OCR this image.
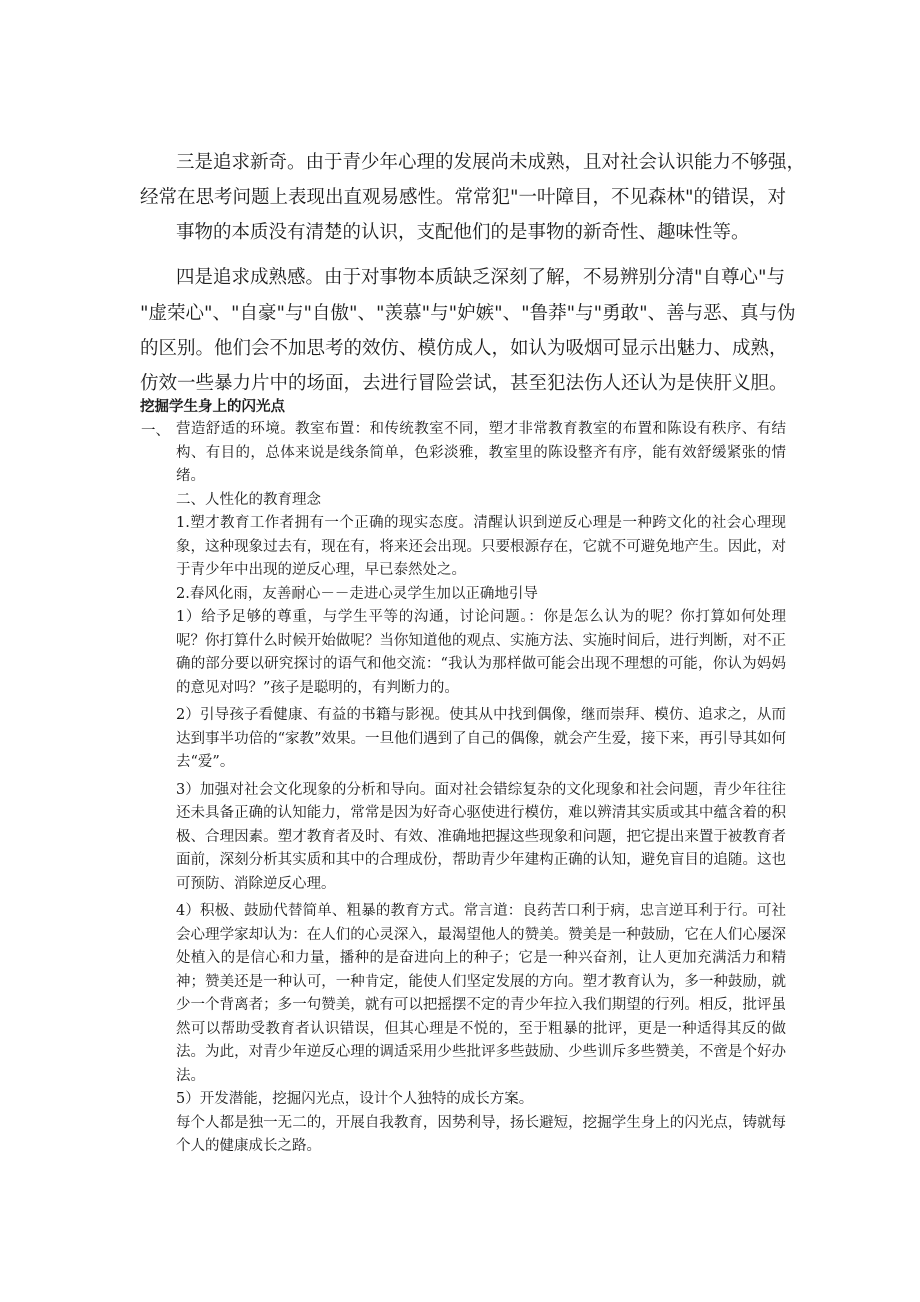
三是追求新奇。由于青少年心理的发展尚未成熟，且对社会认识能力不够强，

经常在思考问题上表现出直观易感性。常常犯"一叶障目，不见森林"的错误，对

事物的本质没有清楚的认识，支配他们的是事物的新奇性、趣味性等。

四是追求成熟感。由于对事物本质缺乏深刻了解，不易辨别分清"自尊心"与

"虚荣心"、"自豪"与"自傲"、"羡慕"与"妒嫉"、"鲁莽"与"勇敢"、善与恶、真与伪

的区别。他们会不加思考的效仿、模仿成人，如认为吸烟可显示出魅力、成熟，

仿效一些暴力片中的场面，去进行冒险尝试，甚至犯法伤人还认为是侠肝义胆。

挖掘学生身上的闪光点

一、 营造舒适的环境。教室布置：和传统教室不同，塑才非常教育教室的布置和陈设有秩序、有结构、有目的，总体来说是线条简单，色彩淡雅，教室里的陈设整齐有序，能有效舒缓紧张的情绪。

二、人性化的教育理念

1.塑才教育工作者拥有一个正确的现实态度。清醒认识到逆反心理是一种跨文化的社会心理现象，这种现象过去有，现在有，将来还会出现。只要根源存在，它就不可避免地产生。因此，对于青少年中出现的逆反心理，早已泰然处之。

2.春风化雨，友善耐心－－走进心灵学生加以正确地引导

1）给予足够的尊重，与学生平等的沟通，讨论问题。：你是怎么认为的呢？你打算如何处理呢？你打算什么时候开始做呢？当你知道他的观点、实施方法、实施时间后，进行判断，对不正确的部分要以研究探讨的语气和他交流：“我认为那样做可能会出现不理想的可能，你认为妈妈的意见对吗？”孩子是聪明的，有判断力的。

2）引导孩子看健康、有益的书籍与影视。使其从中找到偶像，继而崇拜、模仿、追求之，从而达到事半功倍的“家教”效果。一旦他们遇到了自己的偶像，就会产生爱，接下来，再引导其如何去“爱”。

3）加强对社会文化现象的分析和导向。面对社会错综复杂的文化现象和社会问题，青少年往往还未具备正确的认知能力，常常是因为好奇心驱使进行模仿，难以辨清其实质或其中蕴含着的积极、合理因素。塑才教育者及时、有效、准确地把握这些现象和问题，把它提出来置于被教育者面前，深刻分析其实质和其中的合理成份，帮助青少年建构正确的认知，避免盲目的追随。这也可预防、消除逆反心理。

4）积极、鼓励代替简单、粗暴的教育方式。常言道：良药苦口利于病，忠言逆耳利于行。可社会心理学家却认为：在人们的心灵深入，最渴望他人的赞美。赞美是一种鼓励，它在人们心屡深处植入的是信心和力量，播种的是奋进向上的种子；它是一种兴奋剂，让人更加充满活力和精神；赞美还是一种认可，一种肯定，能使人们坚定发展的方向。塑才教育认为，多一种鼓励，就少一个背离者；多一句赞美，就有可以把摇摆不定的青少年拉入我们期望的行列。相反，批评虽然可以帮助受教育者认识错误，但其心理是不悦的，至于粗暴的批评，更是一种适得其反的做法。为此，对青少年逆反心理的调适采用少些批评多些鼓励、少些训斥多些赞美，不啻是个好办法。

5）开发潜能，挖掘闪光点，设计个人独特的成长方案。

每个人都是独一无二的，开展自我教育，因势利导，扬长避短，挖掘学生身上的闪光点，铸就每个人的健康成长之路。
